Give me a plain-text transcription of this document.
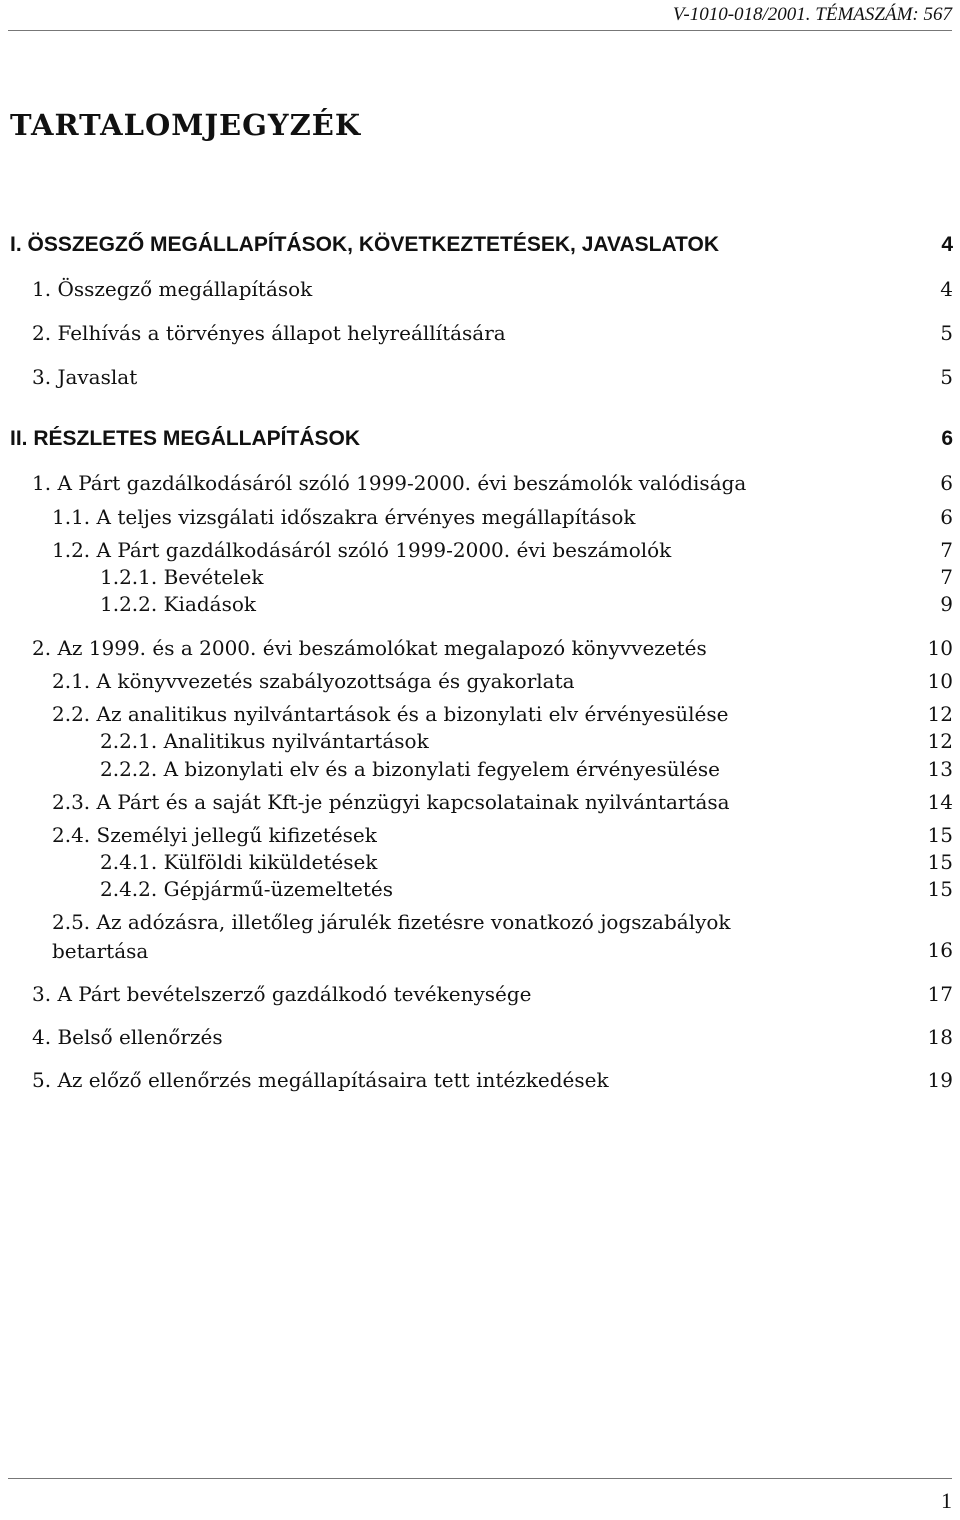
V-1010-018/2001. TÉMASZÁM: 567
TARTALOMJEGYZÉK
I. ÖSSZEGZŐ MEGÁLLAPÍTÁSOK, KÖVETKEZTETÉSEK, JAVASLATOK	4
1. Összegző megállapítások	4
2. Felhívás a törvényes állapot helyreállítására	5
3. Javaslat	5
II. RÉSZLETES MEGÁLLAPÍTÁSOK	6
1. A Párt gazdálkodásáról szóló 1999-2000. évi beszámolók valódisága	6
1.1. A teljes vizsgálati időszakra érvényes megállapítások	6
1.2. A Párt gazdálkodásáról szóló 1999-2000. évi beszámolók	7
1.2.1. Bevételek	7
1.2.2. Kiadások	9
2. Az 1999. és a 2000. évi beszámolókat megalapozó könyvvezetés	10
2.1. A könyvvezetés szabályozottsága és gyakorlata	10
2.2. Az analitikus nyilvántartások és a bizonylati elv érvényesülése	12
2.2.1. Analitikus nyilvántartások	12
2.2.2. A bizonylati elv és a bizonylati fegyelem érvényesülése	13
2.3. A Párt és a saját Kft-je pénzügyi kapcsolatainak nyilvántartása	14
2.4. Személyi jellegű kifizetések	15
2.4.1. Külföldi kiküldetések	15
2.4.2. Gépjármű-üzemeltetés	15
2.5. Az adózásra, illetőleg járulék fizetésre vonatkozó jogszabályok betartása	16
3. A Párt bevételszerző gazdálkodó tevékenysége	17
4. Belső ellenőrzés	18
5. Az előző ellenőrzés megállapításaira tett intézkedések	19
1
